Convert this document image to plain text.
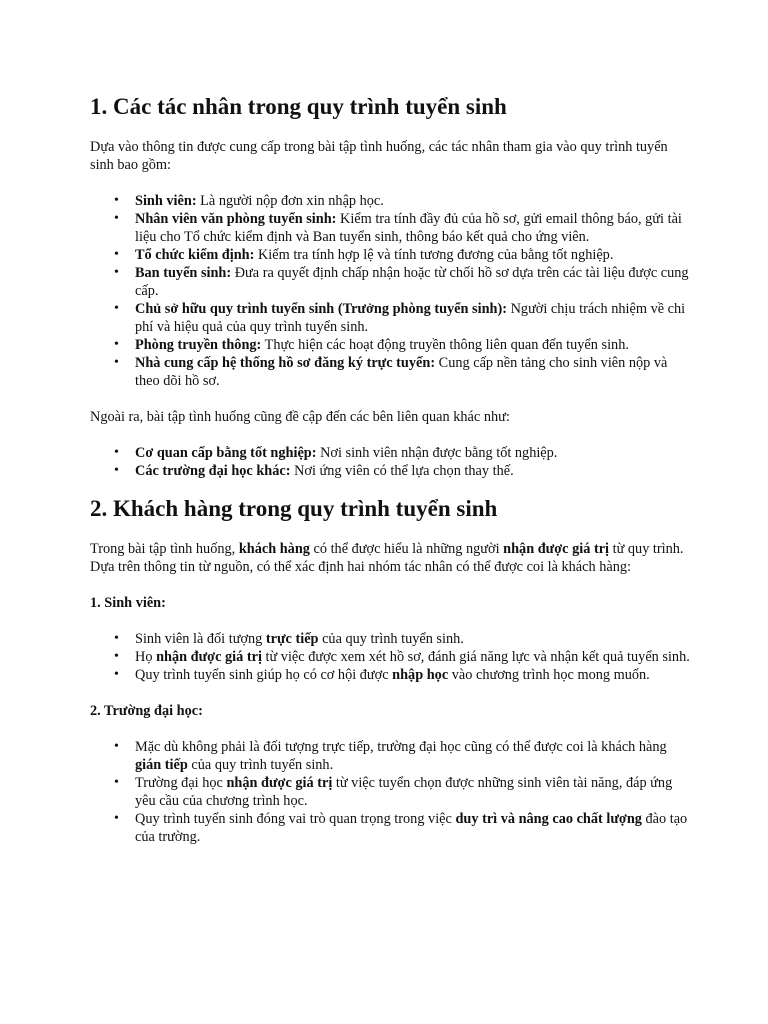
1. Các tác nhân trong quy trình tuyển sinh

Dựa vào thông tin được cung cấp trong bài tập tình huống, các tác nhân tham gia vào quy trình tuyển sinh bao gồm:

• Sinh viên: Là người nộp đơn xin nhập học.
• Nhân viên văn phòng tuyển sinh: Kiểm tra tính đầy đủ của hồ sơ, gửi email thông báo, gửi tài liệu cho Tổ chức kiểm định và Ban tuyển sinh, thông báo kết quả cho ứng viên.
• Tổ chức kiểm định: Kiểm tra tính hợp lệ và tính tương đương của bằng tốt nghiệp.
• Ban tuyển sinh: Đưa ra quyết định chấp nhận hoặc từ chối hồ sơ dựa trên các tài liệu được cung cấp.
• Chủ sở hữu quy trình tuyển sinh (Trưởng phòng tuyển sinh): Người chịu trách nhiệm về chi phí và hiệu quả của quy trình tuyển sinh.
• Phòng truyền thông: Thực hiện các hoạt động truyền thông liên quan đến tuyển sinh.
• Nhà cung cấp hệ thống hồ sơ đăng ký trực tuyến: Cung cấp nền tảng cho sinh viên nộp và theo dõi hồ sơ.

Ngoài ra, bài tập tình huống cũng đề cập đến các bên liên quan khác như:

• Cơ quan cấp bằng tốt nghiệp: Nơi sinh viên nhận được bằng tốt nghiệp.
• Các trường đại học khác: Nơi ứng viên có thể lựa chọn thay thế.
2. Khách hàng trong quy trình tuyển sinh

Trong bài tập tình huống, khách hàng có thể được hiểu là những người nhận được giá trị từ quy trình. Dựa trên thông tin từ nguồn, có thể xác định hai nhóm tác nhân có thể được coi là khách hàng:

1. Sinh viên:
• Sinh viên là đối tượng trực tiếp của quy trình tuyển sinh.
• Họ nhận được giá trị từ việc được xem xét hồ sơ, đánh giá năng lực và nhận kết quả tuyển sinh.
• Quy trình tuyển sinh giúp họ có cơ hội được nhập học vào chương trình học mong muốn.
2. Trường đại học:
• Mặc dù không phải là đối tượng trực tiếp, trường đại học cũng có thể được coi là khách hàng gián tiếp của quy trình tuyển sinh.
• Trường đại học nhận được giá trị từ việc tuyển chọn được những sinh viên tài năng, đáp ứng yêu cầu của chương trình học.
• Quy trình tuyển sinh đóng vai trò quan trọng trong việc duy trì và nâng cao chất lượng đào tạo của trường.
